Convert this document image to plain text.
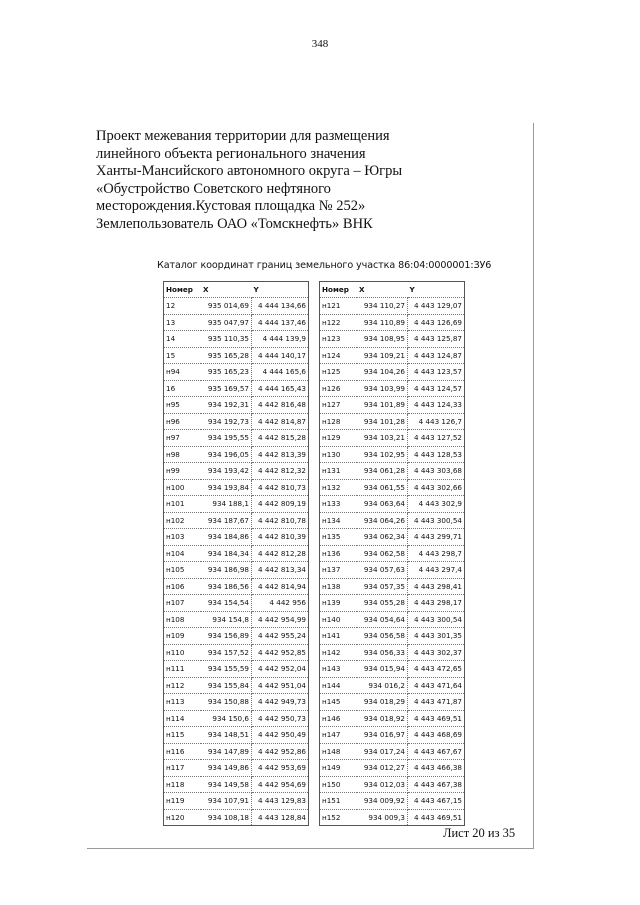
348
Проект межевания территории для размещения
линейного объекта регионального значения
Ханты-Мансийского автономного округа – Югры
«Обустройство Советского нефтяного
месторождения.Кустовая площадка № 252»
Землепользователь ОАО «Томскнефть» ВНК
Каталог координат границ земельного участка 86:04:0000001:ЗУ6
Номер	X	Y
12	935 014,69	4 444 134,66
13	935 047,97	4 444 137,46
14	935 110,35	4 444 139,9
15	935 165,28	4 444 140,17
н94	935 165,23	4 444 165,6
16	935 169,57	4 444 165,43
н95	934 192,31	4 442 816,48
н96	934 192,73	4 442 814,87
н97	934 195,55	4 442 815,28
н98	934 196,05	4 442 813,39
н99	934 193,42	4 442 812,32
н100	934 193,84	4 442 810,73
н101	934 188,1	4 442 809,19
н102	934 187,67	4 442 810,78
н103	934 184,86	4 442 810,39
н104	934 184,34	4 442 812,28
н105	934 186,98	4 442 813,34
н106	934 186,56	4 442 814,94
н107	934 154,54	4 442 956
н108	934 154,8	4 442 954,99
н109	934 156,89	4 442 955,24
н110	934 157,52	4 442 952,85
н111	934 155,59	4 442 952,04
н112	934 155,84	4 442 951,04
н113	934 150,88	4 442 949,73
н114	934 150,6	4 442 950,73
н115	934 148,51	4 442 950,49
н116	934 147,89	4 442 952,86
н117	934 149,86	4 442 953,69
н118	934 149,58	4 442 954,69
н119	934 107,91	4 443 129,83
н120	934 108,18	4 443 128,84
Номер	X	Y
н121	934 110,27	4 443 129,07
н122	934 110,89	4 443 126,69
н123	934 108,95	4 443 125,87
н124	934 109,21	4 443 124,87
н125	934 104,26	4 443 123,57
н126	934 103,99	4 443 124,57
н127	934 101,89	4 443 124,33
н128	934 101,28	4 443 126,7
н129	934 103,21	4 443 127,52
н130	934 102,95	4 443 128,53
н131	934 061,28	4 443 303,68
н132	934 061,55	4 443 302,66
н133	934 063,64	4 443 302,9
н134	934 064,26	4 443 300,54
н135	934 062,34	4 443 299,71
н136	934 062,58	4 443 298,7
н137	934 057,63	4 443 297,4
н138	934 057,35	4 443 298,41
н139	934 055,28	4 443 298,17
н140	934 054,64	4 443 300,54
н141	934 056,58	4 443 301,35
н142	934 056,33	4 443 302,37
н143	934 015,94	4 443 472,65
н144	934 016,2	4 443 471,64
н145	934 018,29	4 443 471,87
н146	934 018,92	4 443 469,51
н147	934 016,97	4 443 468,69
н148	934 017,24	4 443 467,67
н149	934 012,27	4 443 466,38
н150	934 012,03	4 443 467,38
н151	934 009,92	4 443 467,15
н152	934 009,3	4 443 469,51
Лист 20 из 35
